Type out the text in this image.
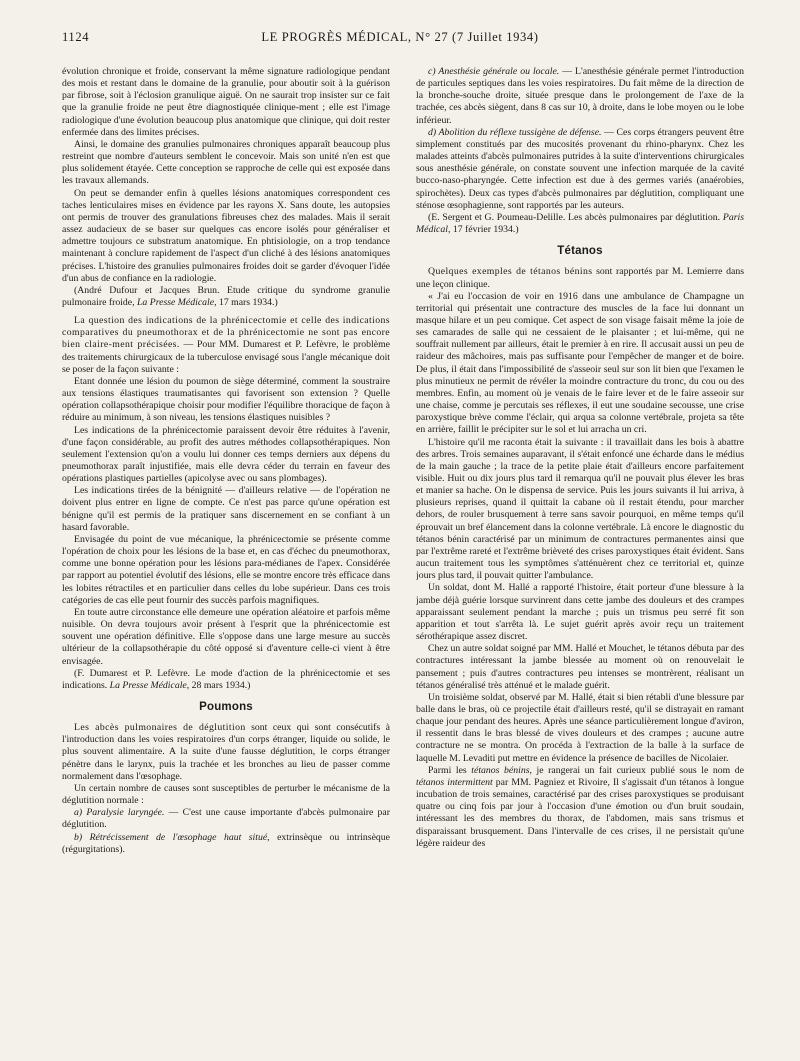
1124	LE PROGRÈS MÉDICAL, N° 27 (7 Juillet 1934)

évolution chronique et froide, conservant la même signature radiologique pendant des mois et restant dans le domaine de la granulie, pour aboutir soit à la guérison par fibrose, soit à l'éclosion granulique aiguë. On ne saurait trop insister sur ce fait que la granulie froide ne peut être diagnostiquée clinique-ment ; elle est l'image radiologique d'une évolution beaucoup plus anatomique que clinique, qui doit rester enfermée dans des limites précises.

Ainsi, le domaine des granulies pulmonaires chroniques apparaît beaucoup plus restreint que nombre d'auteurs semblent le concevoir. Mais son unité n'en est que plus solidement étayée. Cette conception se rapproche de celle qui est exposée dans les travaux allemands.

On peut se demander enfin à quelles lésions anatomiques correspondent ces taches lenticulaires mises en évidence par les rayons X. Sans doute, les autopsies ont permis de trouver des granulations fibreuses chez des malades. Mais il serait assez audacieux de se baser sur quelques cas encore isolés pour généraliser et admettre toujours ce substratum anatomique. En phtisiologie, on a trop tendance maintenant à conclure rapidement de l'aspect d'un cliché à des lésions anatomiques précises. L'histoire des granulies pulmonaires froides doit se garder d'évoquer l'idée d'un abus de confiance en la radiologie.

(André Dufour et Jacques Brun. Etude critique du syndrome granulie pulmonaire froide, La Presse Médicale, 17 mars 1934.)

La question des indications de la phrénicectomie et celle des indications comparatives du pneumothorax et de la phrénicectomie ne sont pas encore bien claire-ment précisées. — Pour MM. Dumarest et P. Lefèvre, le problème des traitements chirurgicaux de la tuberculose envisagé sous l'angle mécanique doit se poser de la façon suivante :

Etant donnée une lésion du poumon de siège déterminé, comment la soustraire aux tensions élastiques traumatisantes qui favorisent son extension ? Quelle opération collapsothérapique choisir pour modifier l'équilibre thoracique de façon à réduire au minimum, à son niveau, les tensions élastiques nuisibles ?

Les indications de la phrénicectomie paraissent devoir être réduites à l'avenir, d'une façon considérable, au profit des autres méthodes collapsothérapiques. Non seulement l'extension qu'on a voulu lui donner ces temps derniers aux dépens du pneumothorax paraît injustifiée, mais elle devra céder du terrain en faveur des opérations plastiques partielles (apicolyse avec ou sans plombages).

Les indications tirées de la bénignité — d'ailleurs relative — de l'opération ne doivent plus entrer en ligne de compte. Ce n'est pas parce qu'une opération est bénigne qu'il est permis de la pratiquer sans discernement en se confiant à un hasard favorable.

Envisagée du point de vue mécanique, la phrénicectomie se présente comme l'opération de choix pour les lésions de la base et, en cas d'échec du pneumothorax, comme une bonne opération pour les lésions para-médianes de l'apex. Considérée par rapport au potentiel évolutif des lésions, elle se montre encore très efficace dans les lobites rétractiles et en particulier dans celles du lobe supérieur. Dans ces trois catégories de cas elle peut fournir des succès parfois magnifiques.

En toute autre circonstance elle demeure une opération aléatoire et parfois même nuisible. On devra toujours avoir présent à l'esprit que la phrénicectomie est souvent une opération définitive. Elle s'oppose dans une large mesure au succès ultérieur de la collapsothérapie du côté opposé si d'aventure celle-ci vient à être envisagée.

(F. Dumarest et P. Lefèvre. Le mode d'action de la phrénicectomie et ses indications. La Presse Médicale, 28 mars 1934.)

Poumons

Les abcès pulmonaires de déglutition sont ceux qui sont consécutifs à l'introduction dans les voies respiratoires d'un corps étranger, liquide ou solide, le plus souvent alimentaire. A la suite d'une fausse déglutition, le corps étranger pénètre dans le larynx, puis la trachée et les bronches au lieu de passer comme normalement dans l'œsophage.

Un certain nombre de causes sont susceptibles de perturber le mécanisme de la déglutition normale :

a) Paralysie laryngée. — C'est une cause importante d'abcès pulmonaire par déglutition.

b) Rétrécissement de l'œsophage haut situé, extrinsèque ou intrinsèque (régurgitations).

c) Anesthésie générale ou locale. — L'anesthésie générale permet l'introduction de particules septiques dans les voies respiratoires. Du fait même de la direction de la bronche-souche droite, située presque dans le prolongement de l'axe de la trachée, ces abcès siègent, dans 8 cas sur 10, à droite, dans le lobe moyen ou le lobe inférieur.

d) Abolition du réflexe tussigène de défense. — Ces corps étrangers peuvent être simplement constitués par des mucosités provenant du rhino-pharynx. Chez les malades atteints d'abcès pulmonaires putrides à la suite d'interventions chirurgicales sous anesthésie générale, on constate souvent une infection marquée de la cavité bucco-naso-pharyngée. Cette infection est due à des germes variés (anaérobies, spirochètes). Deux cas types d'abcès pulmonaires par déglutition, compliquant une sténose œsophagienne, sont rapportés par les auteurs.

(E. Sergent et G. Poumeau-Delille. Les abcès pulmonaires par déglutition. Paris Médical, 17 février 1934.)

Tétanos

Quelques exemples de tétanos bénins sont rapportés par M. Lemierre dans une leçon clinique.

« J'ai eu l'occasion de voir en 1916 dans une ambulance de Champagne un territorial qui présentait une contracture des muscles de la face lui donnant un masque hilare et un peu comique. Cet aspect de son visage faisait même la joie de ses camarades de salle qui ne cessaient de le plaisanter ; et lui-même, qui ne souffrait nullement par ailleurs, était le premier à en rire. Il accusait aussi un peu de raideur des mâchoires, mais pas suffisante pour l'empêcher de manger et de boire. De plus, il était dans l'impossibilité de s'asseoir seul sur son lit bien que l'examen le plus minutieux ne permit de révéler la moindre contracture du tronc, du cou ou des membres. Enfin, au moment où je venais de le faire lever et de le faire asseoir sur une chaise, comme je percutais ses réflexes, il eut une soudaine secousse, une crise paroxystique brève comme l'éclair, qui arqua sa colonne vertébrale, projeta sa tête en arrière, faillit le précipiter sur le sol et lui arracha un cri.

L'histoire qu'il me raconta était la suivante : il travaillait dans les bois à abattre des arbres. Trois semaines auparavant, il s'était enfoncé une écharde dans le médius de la main gauche ; la trace de la petite plaie était d'ailleurs encore parfaitement visible. Huit ou dix jours plus tard il remarqua qu'il ne pouvait plus élever les bras et manier sa hache. On le dispensa de service. Puis les jours suivants il lui arriva, à plusieurs reprises, quand il quittait la cabane où il restait étendu, pour marcher dehors, de rouler brusquement à terre sans savoir pourquoi, en même temps qu'il éprouvait un bref élancement dans la colonne vertébrale. Là encore le diagnostic du tétanos bénin caractérisé par un minimum de contractures permanentes ainsi que par l'extrême rareté et l'extrême brièveté des crises paroxystiques était évident. Sans aucun traitement tous les symptômes s'atténuèrent chez ce territorial et, quinze jours plus tard, il pouvait quitter l'ambulance.

Un soldat, dont M. Hallé a rapporté l'histoire, était porteur d'une blessure à la jambe déjà guérie lorsque survinrent dans cette jambe des douleurs et des crampes apparaissant seulement pendant la marche ; puis un trismus peu serré fit son apparition et tout s'arrêta là. Le sujet guérit après avoir reçu un traitement sérothérapique assez discret.

Chez un autre soldat soigné par MM. Hallé et Mouchet, le tétanos débuta par des contractures intéressant la jambe blessée au moment où on renouvelait le pansement ; puis d'autres contractures peu intenses se montrèrent, réalisant un tétanos généralisé très atténué et le malade guérit.

Un troisième soldat, observé par M. Hallé, était si bien rétabli d'une blessure par balle dans le bras, où ce projectile était d'ailleurs resté, qu'il se distrayait en ramant chaque jour pendant des heures. Après une séance particulièrement longue d'aviron, il ressentit dans le bras blessé de vives douleurs et des crampes ; aucune autre contracture ne se montra. On procéda à l'extraction de la balle à la surface de laquelle M. Levaditi put mettre en évidence la présence de bacilles de Nicolaier.

Parmi les tétanos bénins, je rangerai un fait curieux publié sous le nom de tétanos intermittent par MM. Pagniez et Rivoire, Il s'agissait d'un tétanos à longue incubation de trois semaines, caractérisé par des crises paroxystiques se produisant quatre ou cinq fois par jour à l'occasion d'une émotion ou d'un bruit soudain, intéressant les des membres du thorax, de l'abdomen, mais sans trismus et disparaissant brusquement. Dans l'intervalle de ces crises, il ne persistait qu'une légère raideur des
